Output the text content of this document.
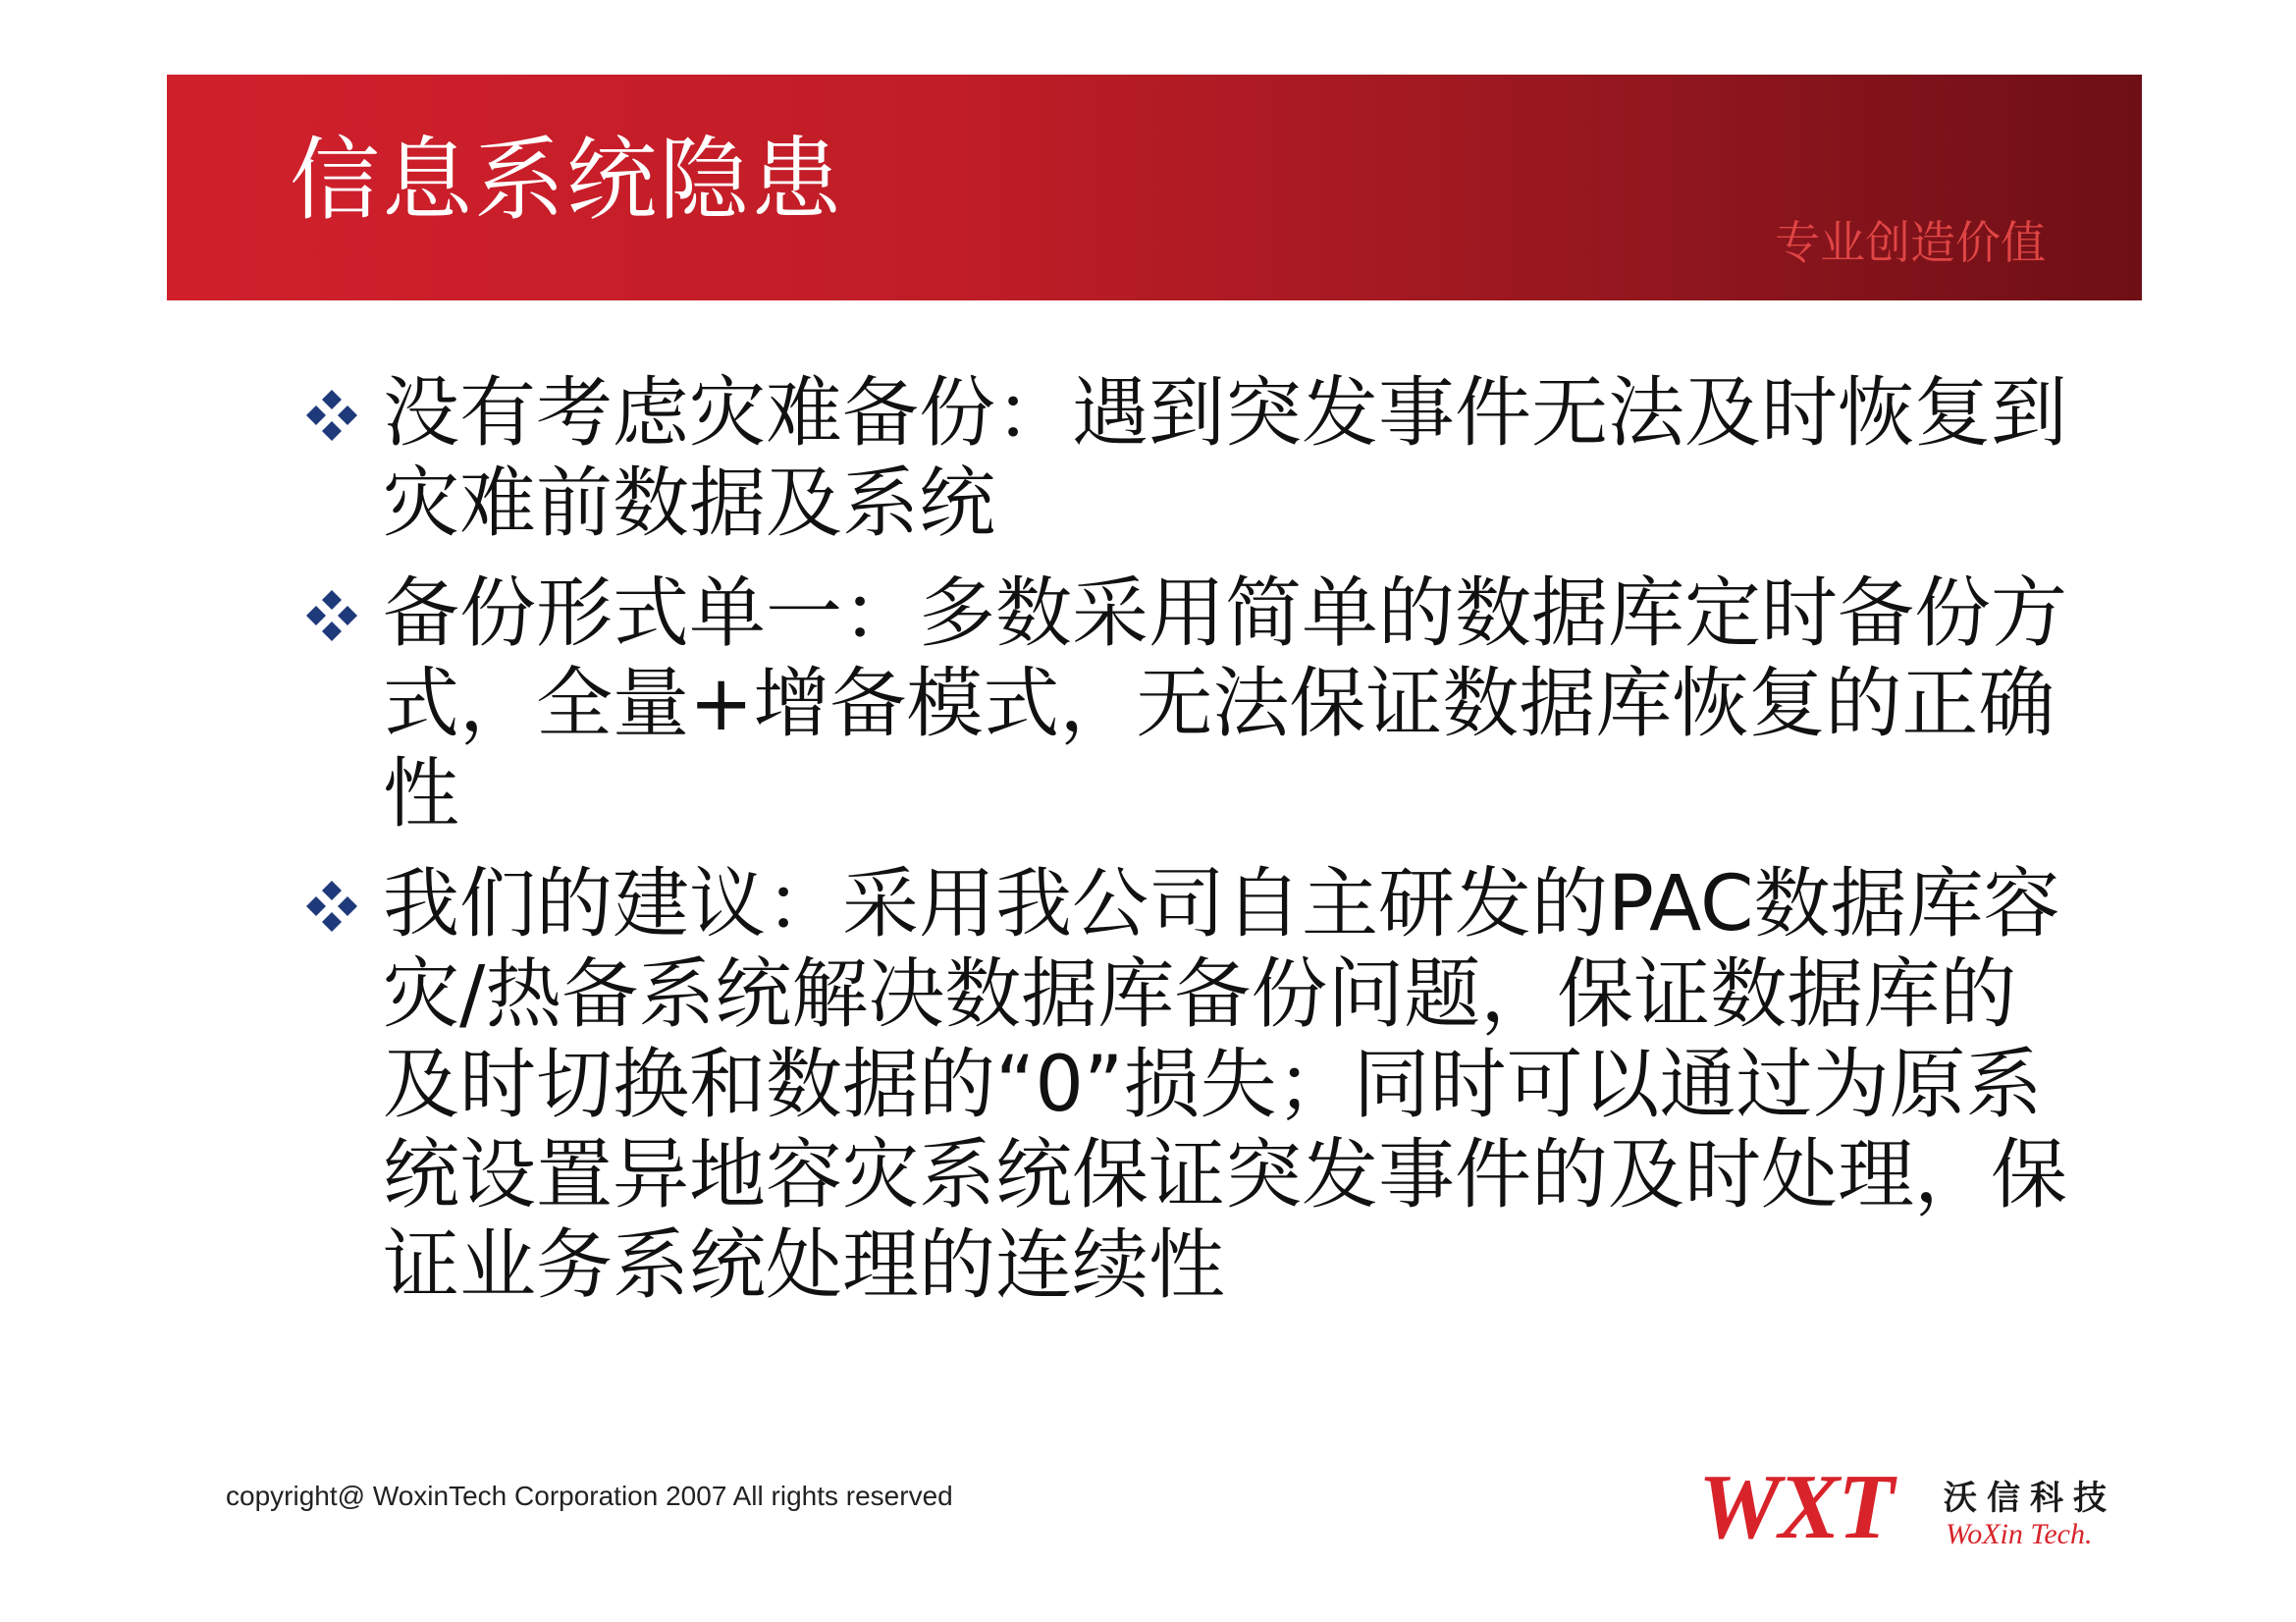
信息系统隐患
专业创造价值
没有考虑灾难备份：遇到突发事件无法及时恢复到灾难前数据及系统
备份形式单一：多数采用简单的数据库定时备份方式，全量+增备模式，无法保证数据库恢复的正确性
我们的建议：采用我公司自主研发的PAC数据库容灾/热备系统解决数据库备份问题，保证数据库的及时切换和数据的“0”损失；同时可以通过为原系统设置异地容灾系统保证突发事件的及时处理，保证业务系统处理的连续性
copyright@ WoxinTech Corporation 2007 All rights reserved	WXT 沃信科技
WoXin Tech.
